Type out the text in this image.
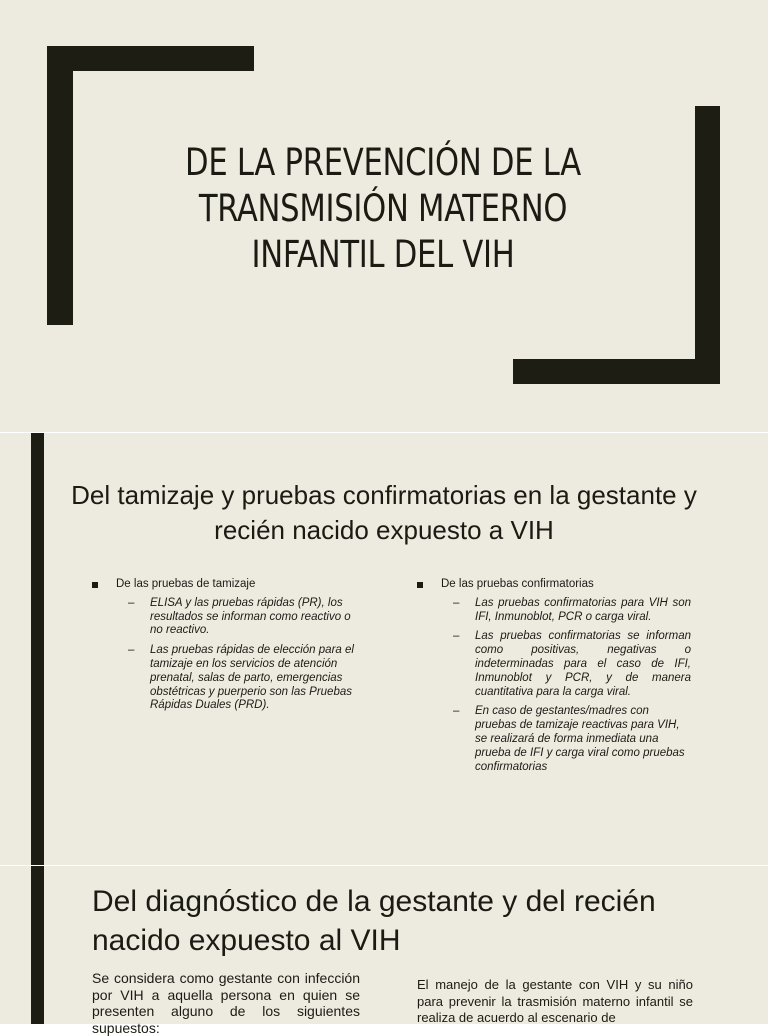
DE LA PREVENCIÓN DE LA TRANSMISIÓN MATERNO INFANTIL DEL VIH
Del tamizaje y pruebas confirmatorias en la gestante y recién nacido expuesto a VIH
De las pruebas de tamizaje
– ELISA y las pruebas rápidas (PR), los resultados se informan como reactivo o no reactivo.
– Las pruebas rápidas de elección para el tamizaje en los servicios de atención prenatal, salas de parto, emergencias obstétricas y puerperio son las Pruebas Rápidas Duales (PRD).
De las pruebas confirmatorias
– Las pruebas confirmatorias para VIH son IFI, Inmunoblot, PCR o carga viral.
– Las pruebas confirmatorias se informan como positivas, negativas o indeterminadas para el caso de IFI, Inmunoblot y PCR, y de manera cuantitativa para la carga viral.
– En caso de gestantes/madres con pruebas de tamizaje reactivas para VIH, se realizará de forma inmediata una prueba de IFI y carga viral como pruebas confirmatorias
Del diagnóstico de la gestante y del recién nacido expuesto al VIH
Se considera como gestante con infección por VIH a aquella persona en quien se presenten alguno de los siguientes supuestos:
El manejo de la gestante con VIH y su niño para prevenir la trasmisión materno infantil se realiza de acuerdo al escenario de
